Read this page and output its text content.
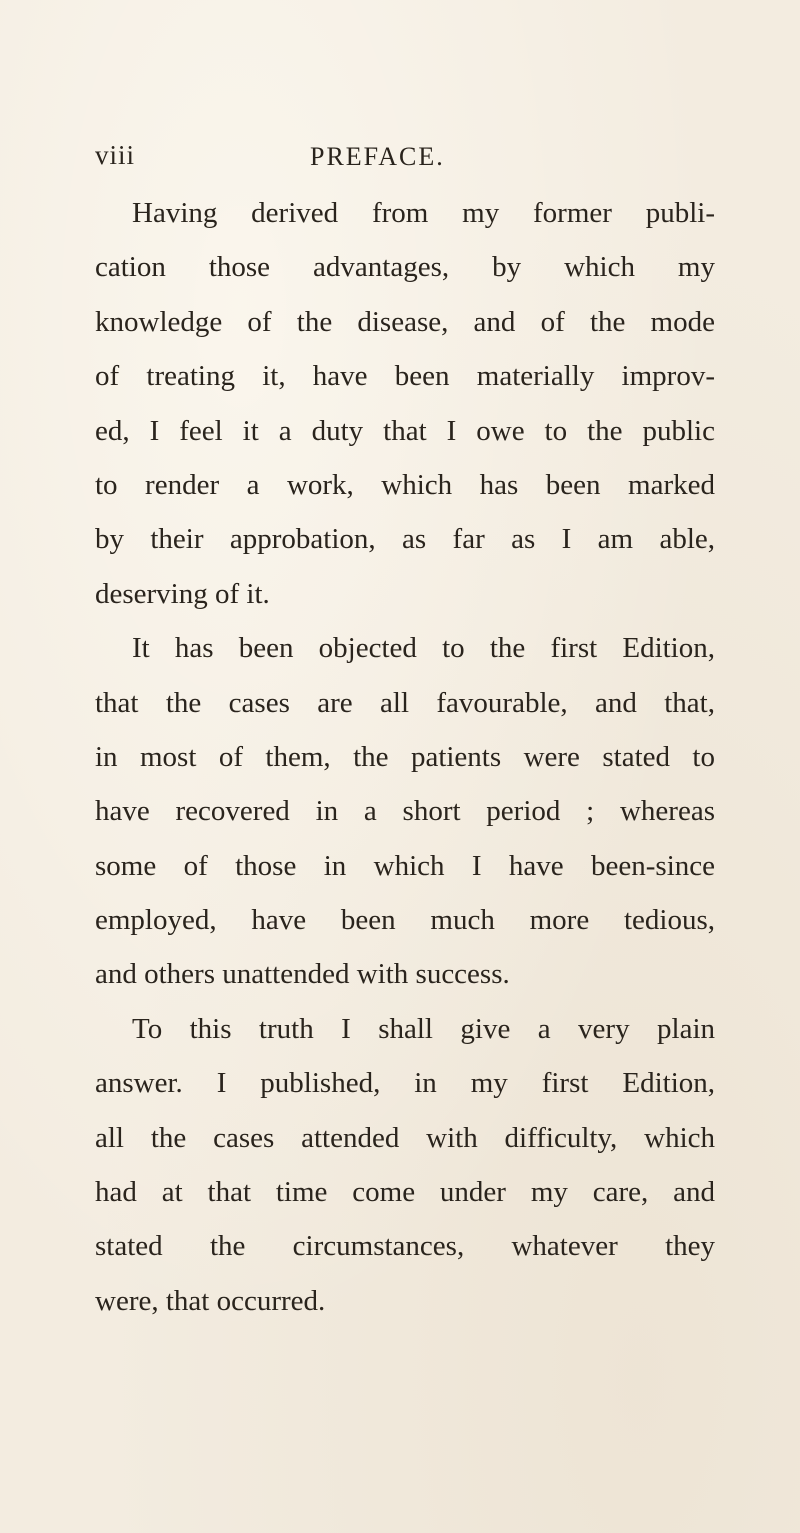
viii	PREFACE.
Having derived from my former publi-
cation those advantages, by which my
knowledge of the disease, and of the mode
of treating it, have been materially improv-
ed, I feel it a duty that I owe to the public
to render a work, which has been marked
by their approbation, as far as I am able,
deserving of it.
It has been objected to the first Edition,
that the cases are all favourable, and that,
in most of them, the patients were stated to
have recovered in a short period ; whereas
some of those in which I have been-since
employed, have been much more tedious,
and others unattended with success.
To this truth I shall give a very plain
answer. I published, in my first Edition,
all the cases attended with difficulty, which
had at that time come under my care, and
stated the circumstances, whatever they
were, that occurred.
